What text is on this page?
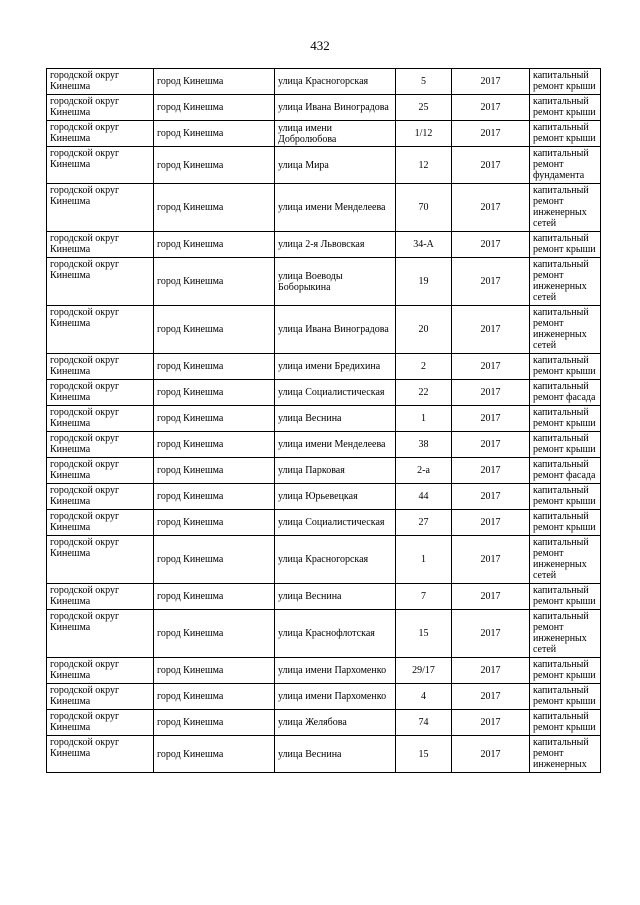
432
городской округ Кинешма	город Кинешма	улица Красногорская	5	2017	капитальный ремонт крыши
городской округ Кинешма	город Кинешма	улица Ивана Виноградова	25	2017	капитальный ремонт крыши
городской округ Кинешма	город Кинешма	улица имени Добролюбова	1/12	2017	капитальный ремонт крыши
городской округ Кинешма	город Кинешма	улица Мира	12	2017	капитальный ремонт фундамента
городской округ Кинешма	город Кинешма	улица имени Менделеева	70	2017	капитальный ремонт инженерных сетей
городской округ Кинешма	город Кинешма	улица 2-я Львовская	34-А	2017	капитальный ремонт крыши
городской округ Кинешма	город Кинешма	улица Воеводы Боборыкина	19	2017	капитальный ремонт инженерных сетей
городской округ Кинешма	город Кинешма	улица Ивана Виноградова	20	2017	капитальный ремонт инженерных сетей
городской округ Кинешма	город Кинешма	улица имени Бредихина	2	2017	капитальный ремонт крыши
городской округ Кинешма	город Кинешма	улица Социалистическая	22	2017	капитальный ремонт фасада
городской округ Кинешма	город Кинешма	улица Веснина	1	2017	капитальный ремонт крыши
городской округ Кинешма	город Кинешма	улица имени Менделеева	38	2017	капитальный ремонт крыши
городской округ Кинешма	город Кинешма	улица Парковая	2-а	2017	капитальный ремонт фасада
городской округ Кинешма	город Кинешма	улица Юрьевецкая	44	2017	капитальный ремонт крыши
городской округ Кинешма	город Кинешма	улица Социалистическая	27	2017	капитальный ремонт крыши
городской округ Кинешма	город Кинешма	улица Красногорская	1	2017	капитальный ремонт инженерных сетей
городской округ Кинешма	город Кинешма	улица Веснина	7	2017	капитальный ремонт крыши
городской округ Кинешма	город Кинешма	улица Краснофлотская	15	2017	капитальный ремонт инженерных сетей
городской округ Кинешма	город Кинешма	улица имени Пархоменко	29/17	2017	капитальный ремонт крыши
городской округ Кинешма	город Кинешма	улица имени Пархоменко	4	2017	капитальный ремонт крыши
городской округ Кинешма	город Кинешма	улица Желябова	74	2017	капитальный ремонт крыши
городской округ Кинешма	город Кинешма	улица Веснина	15	2017	капитальный ремонт инженерных
